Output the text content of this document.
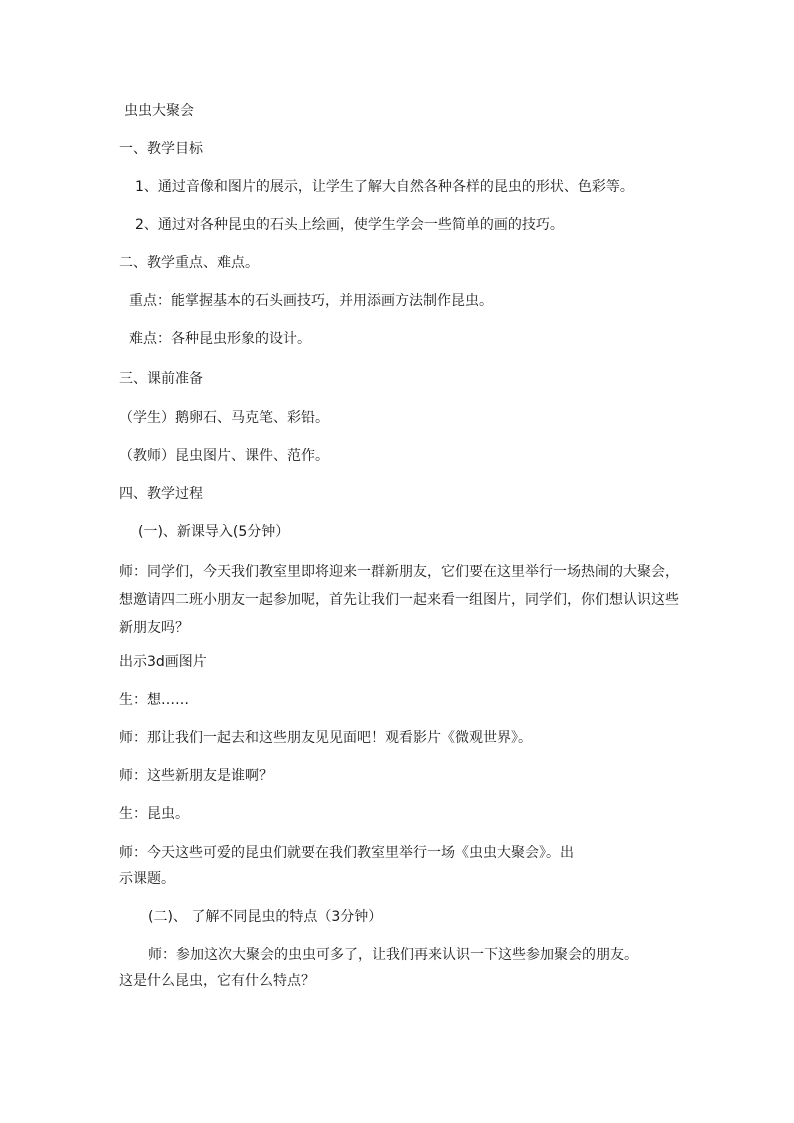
虫虫大聚会
一、教学目标
1、通过音像和图片的展示，让学生了解大自然各种各样的昆虫的形状、色彩等。
2、通过对各种昆虫的石头上绘画，使学生学会一些简单的画的技巧。
二、教学重点、难点。
重点：能掌握基本的石头画技巧，并用添画方法制作昆虫。
难点：各种昆虫形象的设计。
三、课前准备
（学生）鹅卵石、马克笔、彩铅。
（教师）昆虫图片、课件、范作。
四、教学过程
(一)、新课导入(5分钟）
师：同学们，今天我们教室里即将迎来一群新朋友，它们要在这里举行一场热闹的大聚会，想邀请四二班小朋友一起参加呢，首先让我们一起来看一组图片，同学们，你们想认识这些新朋友吗？
出示3d画图片
生：想……
师：那让我们一起去和这些朋友见见面吧！观看影片《微观世界》。
师：这些新朋友是谁啊？
生：昆虫。
师：今天这些可爱的昆虫们就要在我们教室里举行一场《虫虫大聚会》。出
示课题。
(二)、 了解不同昆虫的特点（3分钟）
师：参加这次大聚会的虫虫可多了，让我们再来认识一下这些参加聚会的朋友。
这是什么昆虫，它有什么特点？
